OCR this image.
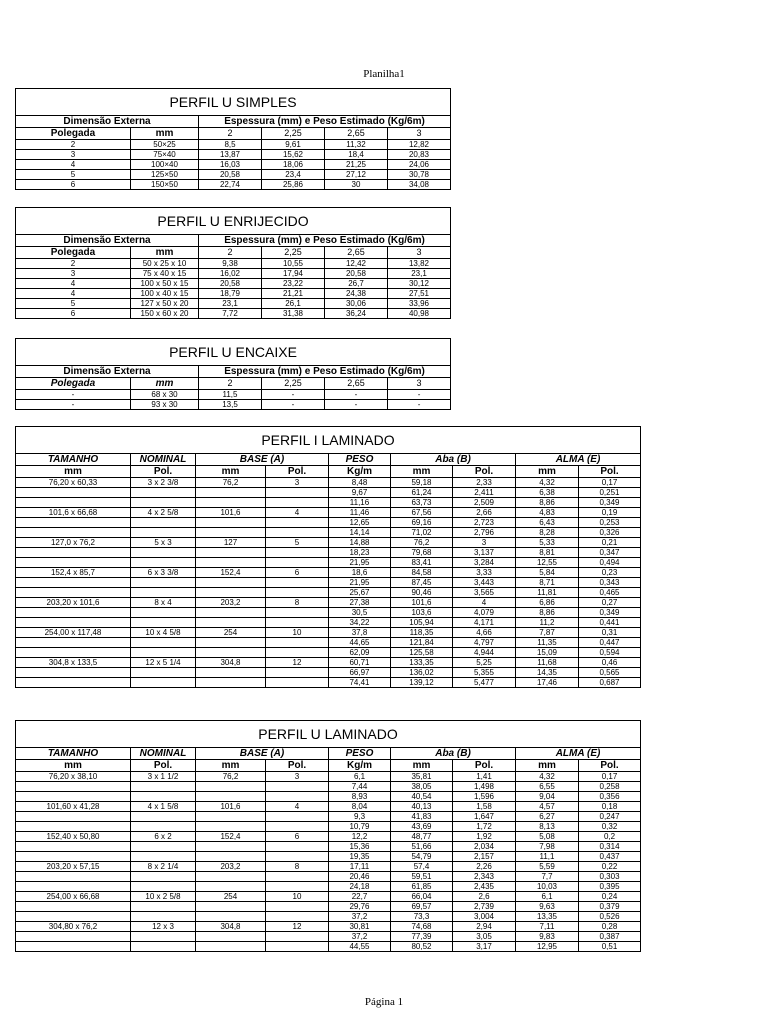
Planilha1
PERFIL U SIMPLES					
Dimensão Externa		Espessura (mm) e Peso Estimado (Kg/6m)			
Polegada	mm	2	2,25	2,65	3
2	50×25	8,5	9,61	11,32	12,82
3	75×40	13,87	15,62	18,4	20,83
4	100×40	16,03	18,06	21,25	24,06
5	125×50	20,58	23,4	27,12	30,78
6	150×50	22,74	25,86	30	34,08
PERFIL U ENRIJECIDO					
Dimensão Externa		Espessura (mm) e Peso Estimado (Kg/6m)			
Polegada	mm	2	2,25	2,65	3
2	50 x 25 x 10	9,38	10,55	12,42	13,82
3	75 x 40 x 15	16,02	17,94	20,58	23,1
4	100 x 50 x 15	20,58	23,22	26,7	30,12
4	100 x 40 x 15	18,79	21,21	24,38	27,51
5	127 x 50 x 20	23,1	26,1	30,06	33,96
6	150 x 60 x 20	7,72	31,38	36,24	40,98
PERFIL U ENCAIXE					
Dimensão Externa		Espessura (mm) e Peso Estimado (Kg/6m)			
Polegada	mm	2	2,25	2,65	3
-	68 x 30	11,5	-	-	-
-	93 x 30	13,5	-	-	-
PERFIL I LAMINADO								
TAMANHO	NOMINAL	BASE (A)		PESO	Aba (B)		ALMA (E)	
mm	Pol.	mm	Pol.	Kg/m	mm	Pol.	mm	Pol.
76,20 x 60,33	3 x 2 3/8	76,2	3	8,48	59,18	2,33	4,32	0,17
				9,67	61,24	2,411	6,38	0,251
				11,16	63,73	2,509	8,86	0,349
101,6 x 66,68	4 x 2 5/8	101,6	4	11,46	67,56	2,66	4,83	0,19
				12,65	69,16	2,723	6,43	0,253
				14,14	71,02	2,796	8,28	0,326
127,0 x 76,2	5 x 3	127	5	14,88	76,2	3	5,33	0,21
				18,23	79,68	3,137	8,81	0,347
				21,95	83,41	3,284	12,55	0,494
152,4 x 85,7	6 x 3 3/8	152,4	6	18,6	84,58	3,33	5,84	0,23
				21,95	87,45	3,443	8,71	0,343
				25,67	90,46	3,565	11,81	0,465
203,20 x 101,6	8 x 4	203,2	8	27,38	101,6	4	6,86	0,27
				30,5	103,6	4,079	8,86	0,349
				34,22	105,94	4,171	11,2	0,441
254,00 x 117,48	10 x 4 5/8	254	10	37,8	118,35	4,66	7,87	0,31
				44,65	121,84	4,797	11,35	0,447
				62,09	125,58	4,944	15,09	0,594
304,8 x 133,5	12 x 5 1/4	304,8	12	60,71	133,35	5,25	11,68	0,46
				66,97	136,02	5,355	14,35	0,565
				74,41	139,12	5,477	17,46	0,687
PERFIL U LAMINADO								
TAMANHO	NOMINAL	BASE (A)		PESO	Aba (B)		ALMA (E)	
mm	Pol.	mm	Pol.	Kg/m	mm	Pol.	mm	Pol.
76,20 x 38,10	3 x 1 1/2	76,2	3	6,1	35,81	1,41	4,32	0,17
				7,44	38,05	1,498	6,55	0,258
				8,93	40,54	1,596	9,04	0,356
101,60 x 41,28	4 x 1 5/8	101,6	4	8,04	40,13	1,58	4,57	0,18
				9,3	41,83	1,647	6,27	0,247
				10,79	43,69	1,72	8,13	0,32
152,40 x 50,80	6 x 2	152,4	6	12,2	48,77	1,92	5,08	0,2
				15,36	51,66	2,034	7,98	0,314
				19,35	54,79	2,157	11,1	0,437
203,20 x 57,15	8 x 2 1/4	203,2	8	17,11	57,4	2,26	5,59	0,22
				20,46	59,51	2,343	7,7	0,303
				24,18	61,85	2,435	10,03	0,395
254,00 x 66,68	10 x 2 5/8	254	10	22,7	66,04	2,6	6,1	0,24
				29,76	69,57	2,739	9,63	0,379
				37,2	73,3	3,004	13,35	0,526
304,80 x 76,2	12 x 3	304,8	12	30,81	74,68	2,94	7,11	0,28
				37,2	77,39	3,05	9,83	0,387
				44,55	80,52	3,17	12,95	0,51
Página 1
